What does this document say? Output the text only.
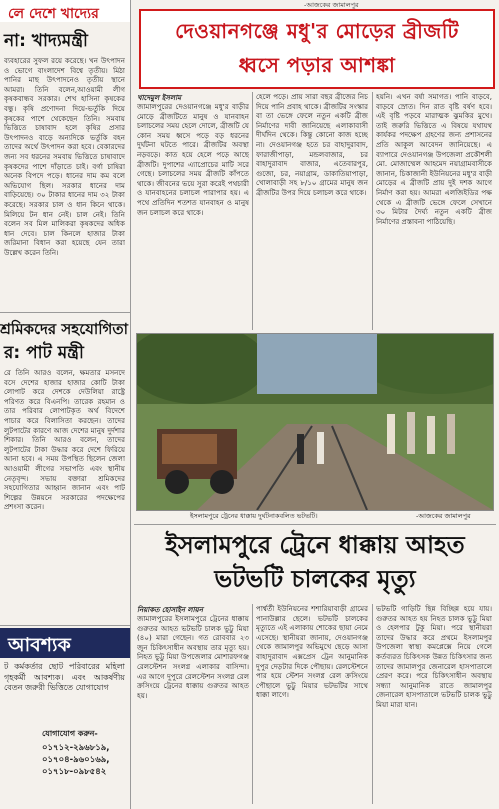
লে দেশে খাদ্যের
না: খাদ্যমন্ত্রী
ব্যবহারের সুফল রয়ে করেছে। খন উৎপাদন ও ভোগে বাংলাদেশ বিশ্বে তৃতীয়। মিঠা পানির মাছ উৎপাদনেও তৃতীয় স্থানে আমরা। তিনি বলেন,আওয়ামী লীগ কৃষকবান্ধব সরকার। শেখ হাসিনা কৃষকের বন্ধু। কৃষি প্রণোদনা দিয়ে-ভর্তুকি দিয়ে কৃষকের পাশে থেকেছেন তিনি। সমবায় ভিত্তিতে চাষাবাদ হলে কৃষির প্রসার উৎপাদনও বাড়ে অন্যদিকে ভর্তুকি বহন তাদের অর্থে উৎপাদন করা হবে। বেকারদের জন্য সব ধরনের সমবায় ভিত্তিতে চাষাবাদে কৃষকদের পাশে দাঁড়াতে চাই। বর্গা চাষিরা অনেক বিপদে পড়ে। ধানের দাম কম বলে অভিযোগ ছিল। সরকার ধানের দাম বাড়িয়েছে। ৩০ টাকার ধানের দাম ৩২ টাকা করেছে। সরকার চাল ও ধান কিনে থাকে। মিলিয়ে টন ধান নেই। চাল নেই। তিনি বলেন সব মিল মালিকরা কৃষকদের অধিক ধান দেবে। চাল কিনলে হাজার টাকা জরিমানা বিধান করা হয়েছে যেন তারা উল্লেখ করেন তিনি।
শ্রমিকদের সহযোগিতা
র: পাট মন্ত্রী
রে তিনি আরও বলেন, ক্ষমতার মসনদে বসে দেশের হাজার হাজার কোটি টাকা লোপাট করে দেশকে দেউলিয়া রাষ্ট্রে পরিণত করে বিএনপি। তারেক রহমান ও তার পরিবার লোপাটকৃত অর্থ বিদেশে পাচার করে বিলাসিতা করছেন। তাদের লুটপাটের কারণে আজ দেশের মানুষ দুর্দশার শিকার। তিনি আরও বলেন, তাদের লুটপাটের টাকা উদ্ধার করে দেশে ফিরিয়ে আনা হবে। এ সময় উপস্থিত ছিলেন জেলা আওয়ামী লীগের সভাপতি এবং স্থানীয় নেতৃবৃন্দ। সভায় বক্তারা শ্রমিকদের সহযোগিতার আহ্বান জানান এবং পাট শিল্পের উন্নয়নে সরকারের পদক্ষেপের প্রশংসা করেন।
আবশ্যক
ট কর্মকর্তার ছোট পরিবারের মহিলা গৃহকর্মী আবশ্যক। এবং আকর্ষণীয় বেতন জরুরী ভিত্তিতে যোগাযোগ
যোগাযোগ করুন-
০১৭১২-২৯৬৮১৯,
০১৭০৪-৯৬০১৬৯,
০১৭১৮-০৯৮৫৪২
-আজকের জামালপুর
দেওয়ানগঞ্জে মধু'র মোড়ের ব্রীজটি
ধ্বসে পড়ার আশঙ্কা
খাদেমুল ইসলাম
জামালপুরের দেওয়ানগঞ্জে মধু'র বাড়ীর মোড়ে ব্রীজটিতে মানুষ ও যানবাহন চলাচলের সময় হেলে দোলে, ব্রীজটি যে কোন সময় ধ্বসে পড়ে বড় ধরনের দুর্ঘটনা ঘটতে পারে। ব্রীজটির অবস্থা নড়বড়ে। কাত হয়ে হেলে পড়ে আছে ব্রীজটি। দুপাশের এ্যাপ্রোচের মাটি সরে গেছে। চলাচলের সময় ব্রীজটি কাঁপতে থাকে। জীবনের ভয়ে সুরা করেই পথচারী ও যানবাহনের চলাচল পারাপার হয়। এ পথে প্রতিদিন শতশত যানবাহন ও মানুষ জন চলাচল করে থাকে।
হেলে পড়ে। প্রায় সারা বছর ব্রীজের নিচ দিয়ে পানি প্রবাহ থাকে। ব্রীজটির সংস্কার বা তা ভেঙ্গে ফেলে নতুন একটি ব্রীজ নির্মাণের দাবী জানিয়েছে এলাকাবাসী দীর্ঘদিন থেকে। কিন্তু কোনো কাজ হচ্ছে না। দেওয়ানগঞ্জ হতে চর বাহাদুরাবাদ, ফারাজীপাড়া, মন্ডলবাজার, চর বাহাদুরাবাদ বাজার, এতেবারপুর, গুজো, চর, নয়াগ্রাম, ডাকাতিয়াপাড়া, খোলাবাড়ী সহ ৮/১০ গ্রামের মানুষ জন ব্রীজটির উপর দিয়ে চলাচল করে থাকে।
হয়নি। এখন বর্ষা সমাগত। পানি বাড়বে, বাড়বে স্রোত। দিন রাত বৃষ্টি বর্ষণ হবে। এই বৃষ্টি পড়বে মারাত্মক ঝুমকির মুখে। তাই জরুরি ভিত্তিতে এ বিষয়ে যথাযথ কার্যকর পদক্ষেপ গ্রহণের জন্য প্রশাসনের প্রতি আকুল আবেদন জানিয়েছে। এ ব্যাপারে দেওয়ানগঞ্জ উপজেলা প্রকৌশলী মো. মোজাম্মেল আহমেদ নয়াগ্রামবাসীকে জানান, চিকাজানী ইউনিয়নের মধু'র বাড়ী মোড়ের এ ব্রীজটি প্রায় দুই দশক আগে নির্মাণ করা হয়। আমরা এলজিইডির পক্ষ থেকে এ ব্রীজটি ভেঙ্গে ফেলে সেখানে ৩০ মিটার দৈর্ঘ্য নতুন একটি ব্রীজ নির্মাণের প্রস্তাবনা পাঠিয়েছি।
ইসলামপুরে ট্রেনের ধাক্কায় দুর্ঘটনাকবলিত ভটভটি।	-আজকের জামালপুর
ইসলামপুরে ট্রেনে ধাক্কায় আহত
ভটভটি চালকের মৃত্যু
নিয়াকত হোসাইন লায়ন
জামালপুরের ইসলামপুরে ট্রেনের ধাক্কায় গুরুতর আহত ভটভটি চালক ভুট্টু মিয়া (৪০) মারা গেছেন। গত রোববার ২৩ জুন চিকিৎসাধীন অবস্থায় তার মৃত্যু হয়। নিহত ভুট্টু মিয়া উপজেলার মোশারফগঞ্জ রেলস্টেশন সংলগ্ন এলাকার বাসিন্দা। এর আগে দুপুরে রেলস্টেশন সংলগ্ন রেল ক্রসিংয়ে ট্রেনের ধাক্কায় গুরুতর আহত হয়।
পার্শ্বর্তী ইউনিয়নের শশারিয়াবাড়ী গ্রামের পানাউল্লার ছেলে। ভটভটি চালকের মৃত্যুতে এই এলাকায় শোকের ছায়া নেমে এসেছে। স্থানীয়রা জানায়, দেওয়ানগঞ্জ থেকে জামালপুর অভিমুখে ছেড়ে আসা বাহাদুরাবাদ এক্সপ্রেস ট্রেন আনুমানিক দুপুর দেড়টার দিকে পৌছায়। রেলস্টেশনে পার হয়ে স্টেশন সংলগ্ন রেল ক্রসিংয়ে পৌছালে ভুট্টু মিয়ার ভটভটির সাথে ধাক্কা লাগে।
ভটভটি গাড়িটি ছিন্ন বিচ্ছিন্ন হয়ে যায়। গুরুতর আহত হয় নিহত চালক ভুট্টু মিয়া ও হেলপার টুকু মিয়া। পরে স্থানীয়রা তাদের উদ্ধার করে প্রথমে ইসলামপুর উপজেলা স্বাস্থ্য কমপ্লেক্সে নিয়ে গেলে কর্তব্যরত চিকিৎসক উন্নত চিকিৎসার জন্য তাদের জামালপুর জেনারেল হাসপাতালে প্রেরণ করে। পরে চিকিৎসাধীন অবস্থায় সন্ধ্যা আনুমানিক রাতে জামালপুর জেনারেল হাসপাতালে ভটভটি চালক ভুট্টু মিয়া মারা যান।
